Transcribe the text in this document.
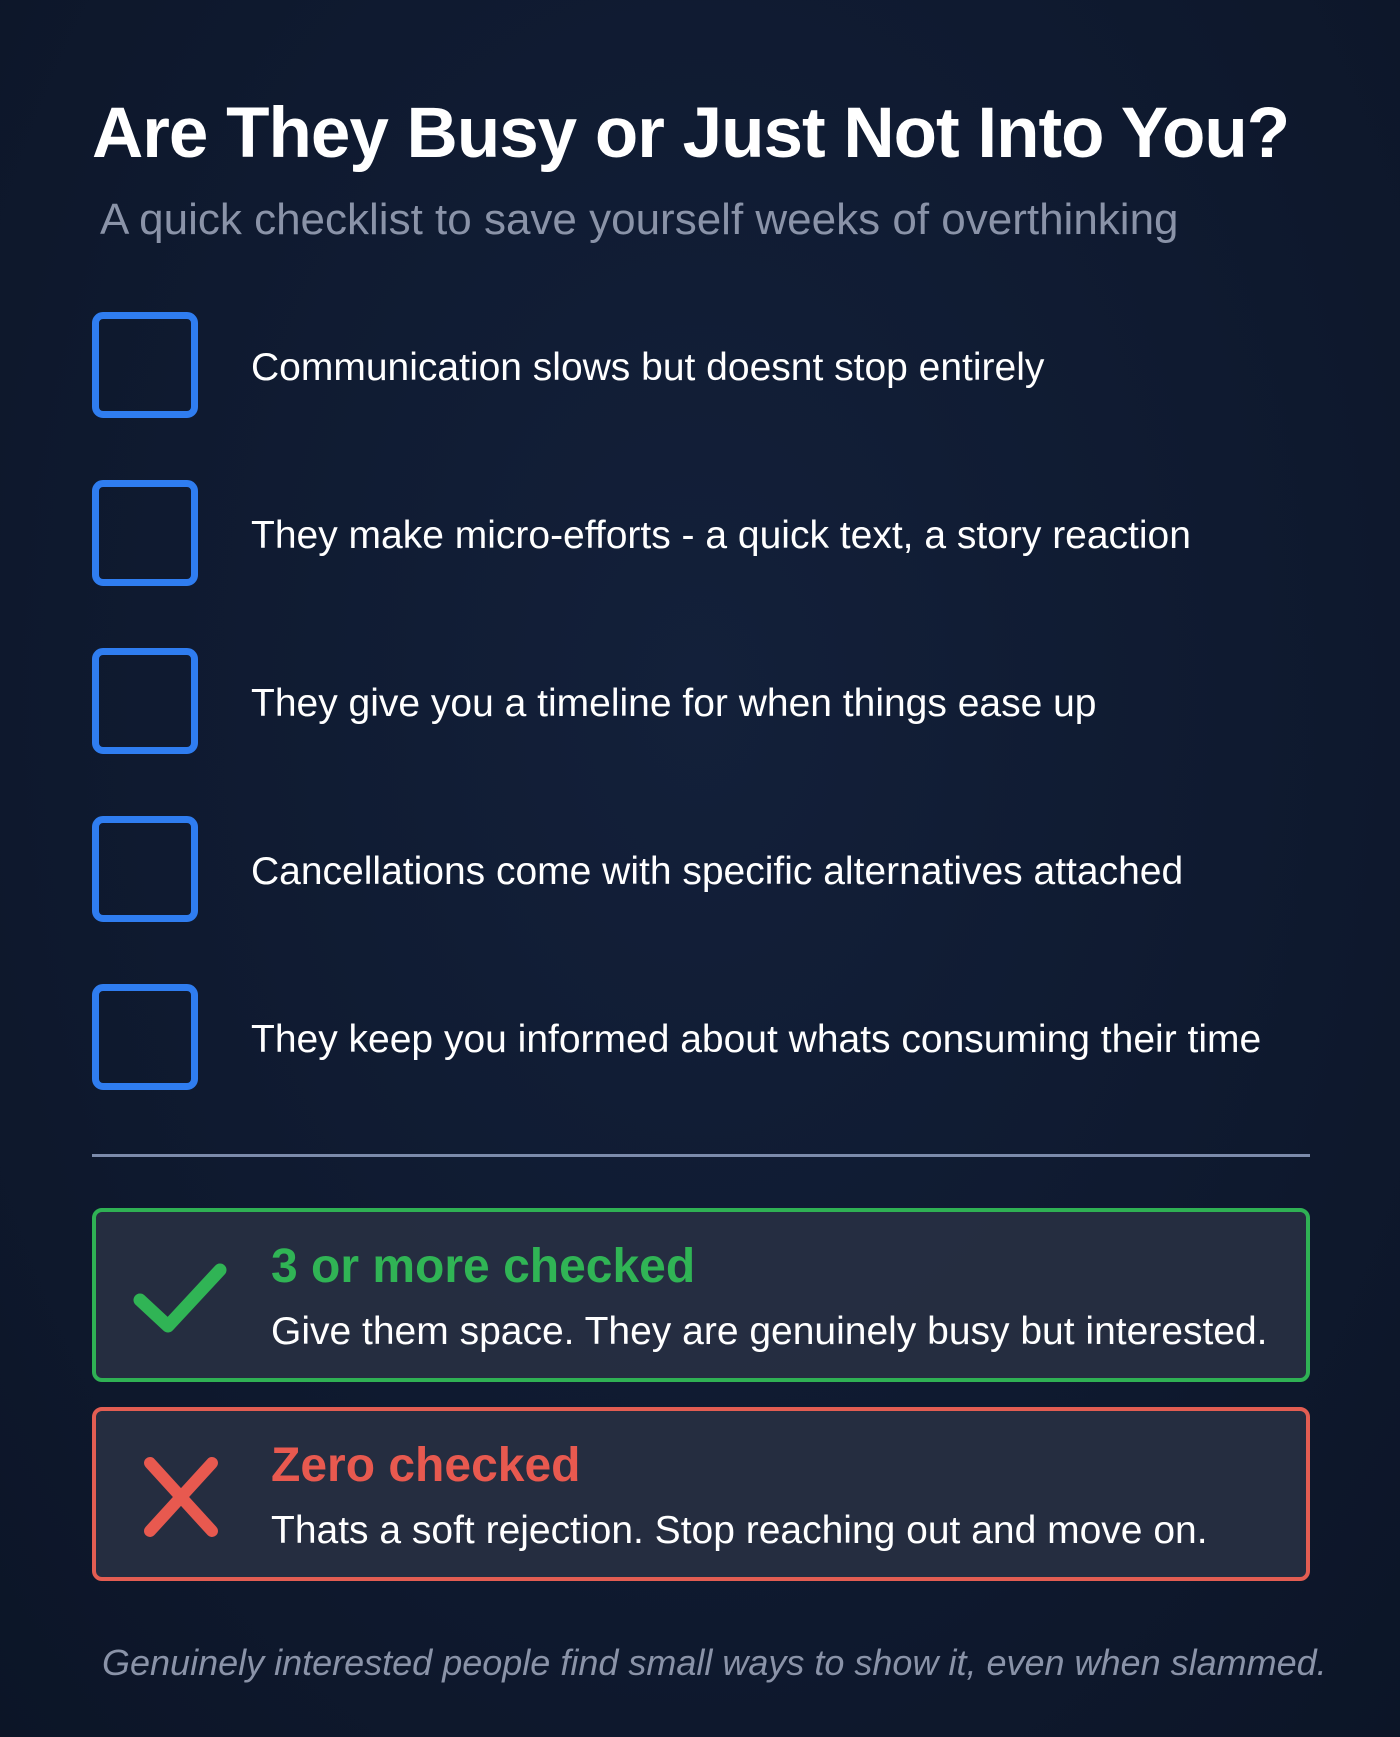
Are They Busy or Just Not Into You?
A quick checklist to save yourself weeks of overthinking
Communication slows but doesnt stop entirely
They make micro-efforts - a quick text, a story reaction
They give you a timeline for when things ease up
Cancellations come with specific alternatives attached
They keep you informed about whats consuming their time
3 or more checked
Give them space. They are genuinely busy but interested.
Zero checked
Thats a soft rejection. Stop reaching out and move on.
Genuinely interested people find small ways to show it, even when slammed.
